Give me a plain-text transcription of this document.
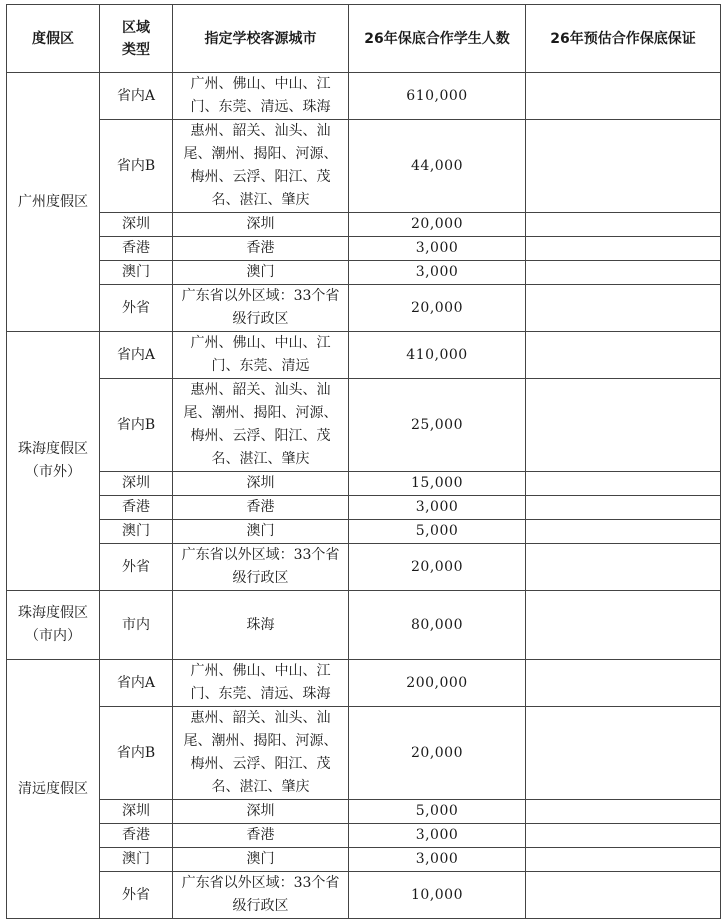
度假区	区域类型	指定学校客源城市	26年保底合作学生人数	26年预估合作保底保证
广州度假区	省内A	广州、佛山、中山、江门、东莞、清远、珠海	610,000	
	省内B	惠州、韶关、汕头、汕尾、潮州、揭阳、河源、梅州、云浮、阳江、茂名、湛江、肇庆	44,000	
	深圳	深圳	20,000	
	香港	香港	3,000	
	澳门	澳门	3,000	
	外省	广东省以外区域：33个省级行政区	20,000	
珠海度假区（市外）	省内A	广州、佛山、中山、江门、东莞、清远	410,000	
	省内B	惠州、韶关、汕头、汕尾、潮州、揭阳、河源、梅州、云浮、阳江、茂名、湛江、肇庆	25,000	
	深圳	深圳	15,000	
	香港	香港	3,000	
	澳门	澳门	5,000	
	外省	广东省以外区域：33个省级行政区	20,000	
珠海度假区（市内）	市内	珠海	80,000	
清远度假区	省内A	广州、佛山、中山、江门、东莞、清远、珠海	200,000	
	省内B	惠州、韶关、汕头、汕尾、潮州、揭阳、河源、梅州、云浮、阳江、茂名、湛江、肇庆	20,000	
	深圳	深圳	5,000	
	香港	香港	3,000	
	澳门	澳门	3,000	
	外省	广东省以外区域：33个省级行政区	10,000	
